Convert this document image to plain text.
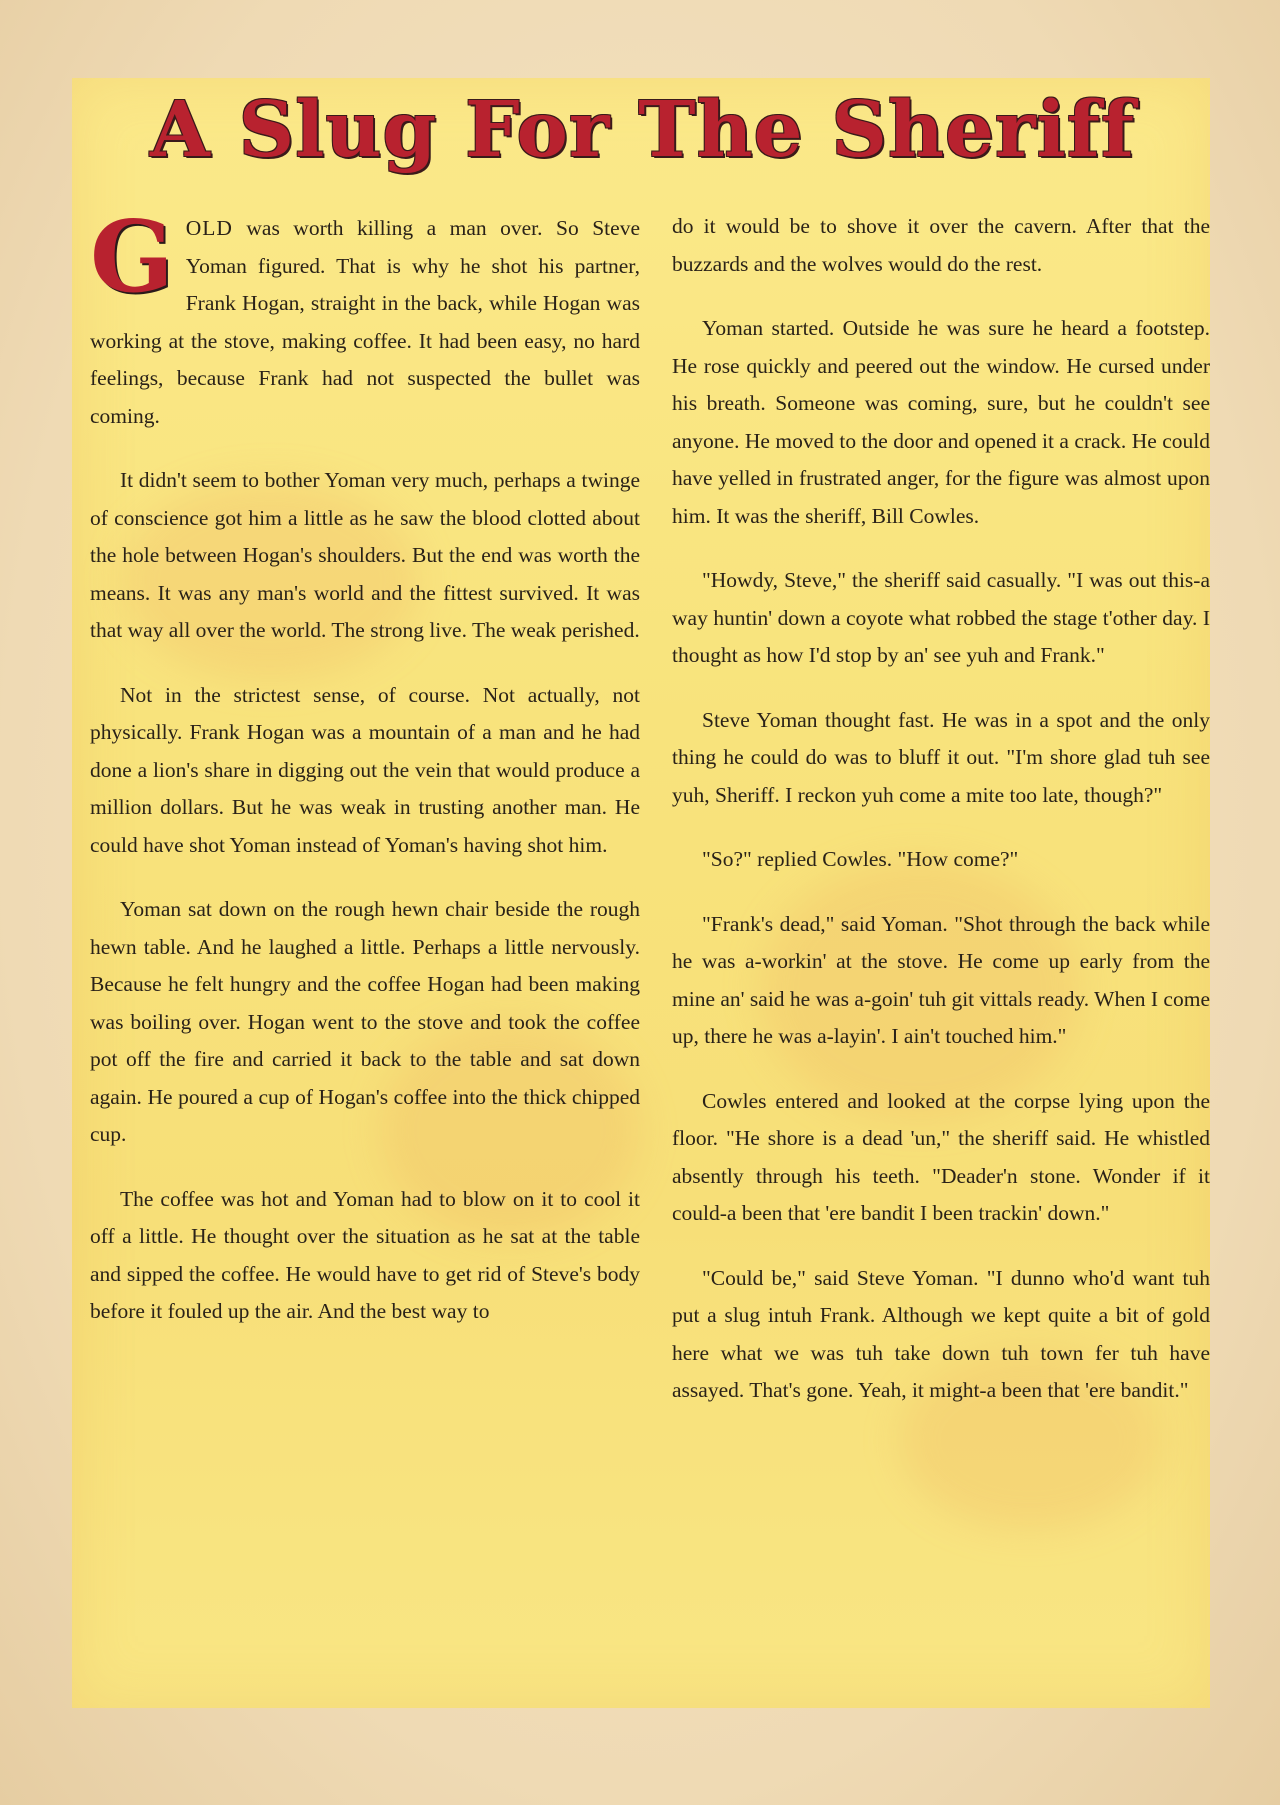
A Slug For The Sheriff

GOLD was worth killing a man over. So Steve Yoman figured. That is why he shot his partner, Frank Hogan, straight in the back, while Hogan was working at the stove, making coffee. It had been easy, no hard feelings, because Frank had not suspected the bullet was coming.

It didn't seem to bother Yoman very much, perhaps a twinge of conscience got him a little as he saw the blood clotted about the hole between Hogan's shoulders. But the end was worth the means. It was any man's world and the fittest survived. It was that way all over the world. The strong live. The weak perished.

Not in the strictest sense, of course. Not actually, not physically. Frank Hogan was a mountain of a man and he had done a lion's share in digging out the vein that would produce a million dollars. But he was weak in trusting another man. He could have shot Yoman instead of Yoman's having shot him.

Yoman sat down on the rough hewn chair beside the rough hewn table. And he laughed a little. Perhaps a little nervously. Because he felt hungry and the coffee Hogan had been making was boiling over. Hogan went to the stove and took the coffee pot off the fire and carried it back to the table and sat down again. He poured a cup of Hogan's coffee into the thick chipped cup.

The coffee was hot and Yoman had to blow on it to cool it off a little. He thought over the situation as he sat at the table and sipped the coffee. He would have to get rid of Steve's body before it fouled up the air. And the best way to

do it would be to shove it over the cavern. After that the buzzards and the wolves would do the rest.

Yoman started. Outside he was sure he heard a footstep. He rose quickly and peered out the window. He cursed under his breath. Someone was coming, sure, but he couldn't see anyone. He moved to the door and opened it a crack. He could have yelled in frustrated anger, for the figure was almost upon him. It was the sheriff, Bill Cowles.

"Howdy, Steve," the sheriff said casually. "I was out this-a way huntin' down a coyote what robbed the stage t'other day. I thought as how I'd stop by an' see yuh and Frank."

Steve Yoman thought fast. He was in a spot and the only thing he could do was to bluff it out. "I'm shore glad tuh see yuh, Sheriff. I reckon yuh come a mite too late, though?"

"So?" replied Cowles. "How come?"

"Frank's dead," said Yoman. "Shot through the back while he was a-workin' at the stove. He come up early from the mine an' said he was a-goin' tuh git vittals ready. When I come up, there he was a-layin'. I ain't touched him."

Cowles entered and looked at the corpse lying upon the floor. "He shore is a dead 'un," the sheriff said. He whistled absently through his teeth. "Deader'n stone. Wonder if it could-a been that 'ere bandit I been trackin' down."

"Could be," said Steve Yoman. "I dunno who'd want tuh put a slug intuh Frank. Although we kept quite a bit of gold here what we was tuh take down tuh town fer tuh have assayed. That's gone. Yeah, it might-a been that 'ere bandit."
